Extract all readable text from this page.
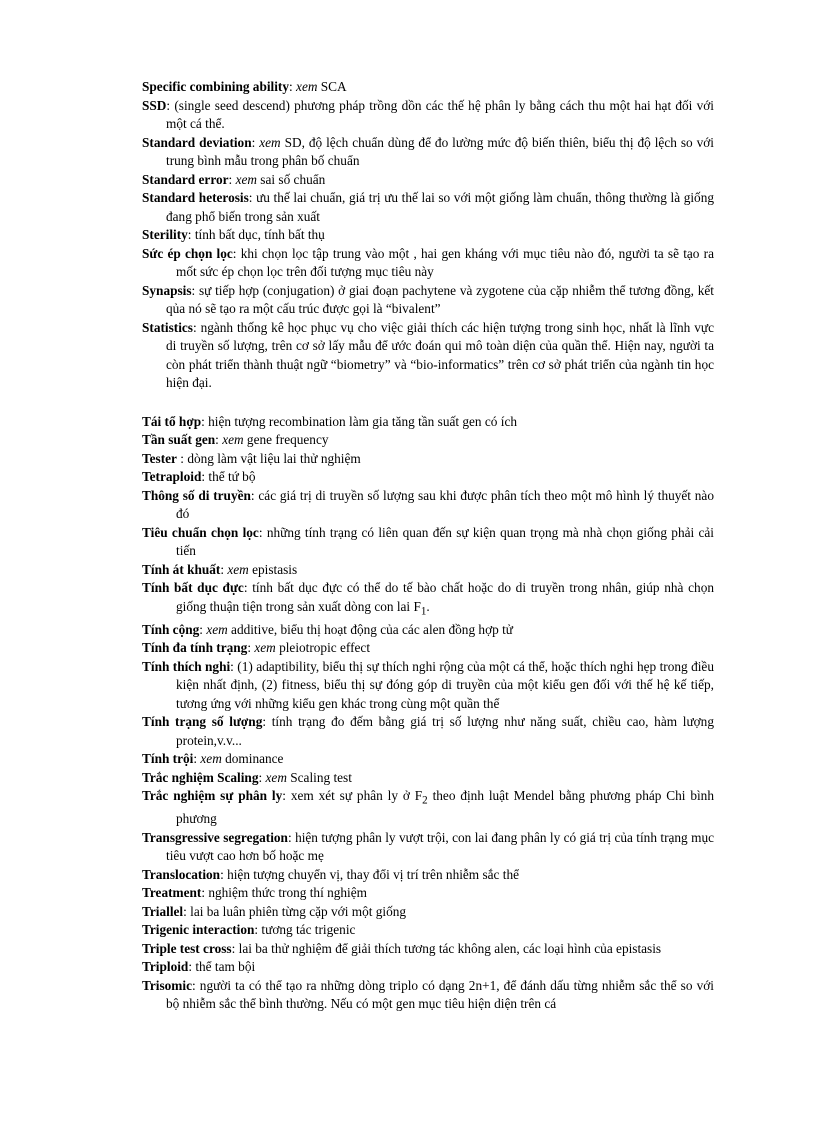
Specific combining ability: xem SCA

SSD: (single seed descend) phương pháp trồng dồn các thế hệ phân ly bằng cách thu một hai hạt đối với một cá thể.

Standard deviation: xem SD, độ lệch chuẩn dùng để đo lường mức độ biến thiên, biểu thị độ lệch so với trung bình mẫu trong phân bố chuẩn

Standard error: xem sai số chuẩn

Standard heterosis: ưu thế lai chuẩn, giá trị ưu thế lai so với một giống làm chuẩn, thông thường là giống đang phổ biến trong sản xuất

Sterility: tính bất dục, tính bất thụ

Sức ép chọn lọc: khi chọn lọc tập trung vào một , hai gen kháng với mục tiêu nào đó, người ta sẽ tạo ra mốt sức ép chọn lọc trên đối tượng mục tiêu này

Synapsis: sự tiếp hợp (conjugation) ở giai đoạn pachytene và zygotene của cặp nhiễm thể tương đồng, kết qủa nó sẽ tạo ra một cấu trúc được gọi là “bivalent”

Statistics: ngành thống kê học phục vụ cho việc giải thích các hiện tượng trong sinh học, nhất là lĩnh vực di truyền số lượng, trên cơ sở lấy mẫu để ước đoán qui mô toàn diện của quần thể. Hiện nay, người ta còn phát triển thành thuật ngữ “biometry” và “bio-informatics” trên cơ sở phát triển của ngành tin học hiện đại.

Tái tổ hợp: hiện tượng recombination làm gia tăng tần suất gen có ích

Tần suất gen: xem gene frequency

Tester : dòng làm vật liệu lai thử nghiệm

Tetraploid: thể tứ bộ

Thông số di truyền: các giá trị di truyền số lượng sau khi được phân tích theo một mô hình lý thuyết nào đó

Tiêu chuẩn chọn lọc: những tính trạng có liên quan đến sự kiện quan trọng mà nhà chọn giống phải cải tiến

Tính át khuất: xem epistasis

Tính bất dục đực: tính bất dục đực có thể do tế bào chất hoặc do di truyền trong nhân, giúp nhà chọn giống thuận tiện trong sản xuất dòng con lai $F_1$.

Tính cộng: xem additive, biểu thị hoạt động của các alen đồng hợp tử

Tính đa tính trạng: xem pleiotropic effect

Tính thích nghi: (1) adaptibility, biểu thị sự thích nghi rộng của một cá thể, hoặc thích nghi hẹp trong điều kiện nhất định, (2) fitness, biểu thị sự đóng góp di truyền của một kiểu gen đối với thế hệ kế tiếp, tương ứng với những kiểu gen khác trong cùng một quần thể

Tính trạng số lượng: tính trạng đo đếm bằng giá trị số lượng như năng suất, chiều cao, hàm lượng protein,v.v...

Tính trội: xem dominance

Trắc nghiệm Scaling: xem Scaling test

Trắc nghiệm sự phân ly: xem xét sự phân ly ở $F_2$ theo định luật Mendel bằng phương pháp Chi bình phương

Transgressive segregation: hiện tượng phân ly vượt trội, con lai đang phân ly có giá trị của tính trạng mục tiêu vượt cao hơn bố hoặc mẹ

Translocation: hiện tượng chuyển vị, thay đổi vị trí trên nhiễm sắc thể

Treatment: nghiệm thức trong thí nghiệm

Triallel: lai ba luân phiên từng cặp với một giống

Trigenic interaction: tương tác trigenic

Triple test cross: lai ba thử nghiệm để giải thích tương tác không alen, các loại hình của epistasis

Triploid: thể tam bội

Trisomic: người ta có thể tạo ra những dòng triplo có dạng 2n+1, để đánh dấu từng nhiễm sắc thể so với bộ nhiễm sắc thể bình thường. Nếu có một gen mục tiêu hiện diện trên cá
